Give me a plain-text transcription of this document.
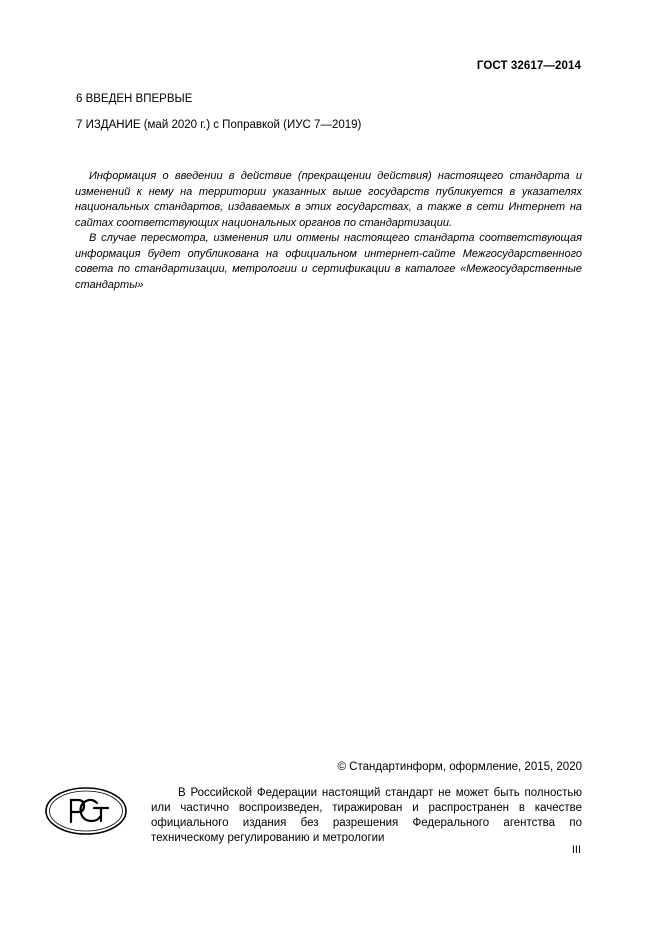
ГОСТ 32617—2014
6 ВВЕДЕН ВПЕРВЫЕ
7 ИЗДАНИЕ (май 2020 г.) с Поправкой (ИУС 7—2019)

Информация о введении в действие (прекращении действия) настоящего стандарта и изменений к нему на территории указанных выше государств публикуется в указателях национальных стандартов, издаваемых в этих государствах, а также в сети Интернет на сайтах соответствующих национальных органов по стандартизации.

В случае пересмотра, изменения или отмены настоящего стандарта соответствующая информация будет опубликована на официальном интернет-сайте Межгосударственного совета по стандартизации, метрологии и сертификации в каталоге «Межгосударственные стандарты»

© Стандартинформ, оформление, 2015, 2020
В Российской Федерации настоящий стандарт не может быть полностью или частично воспроизведен, тиражирован и распространен в качестве официального издания без разрешения Федерального агентства по техническому регулированию и метрологии
III
